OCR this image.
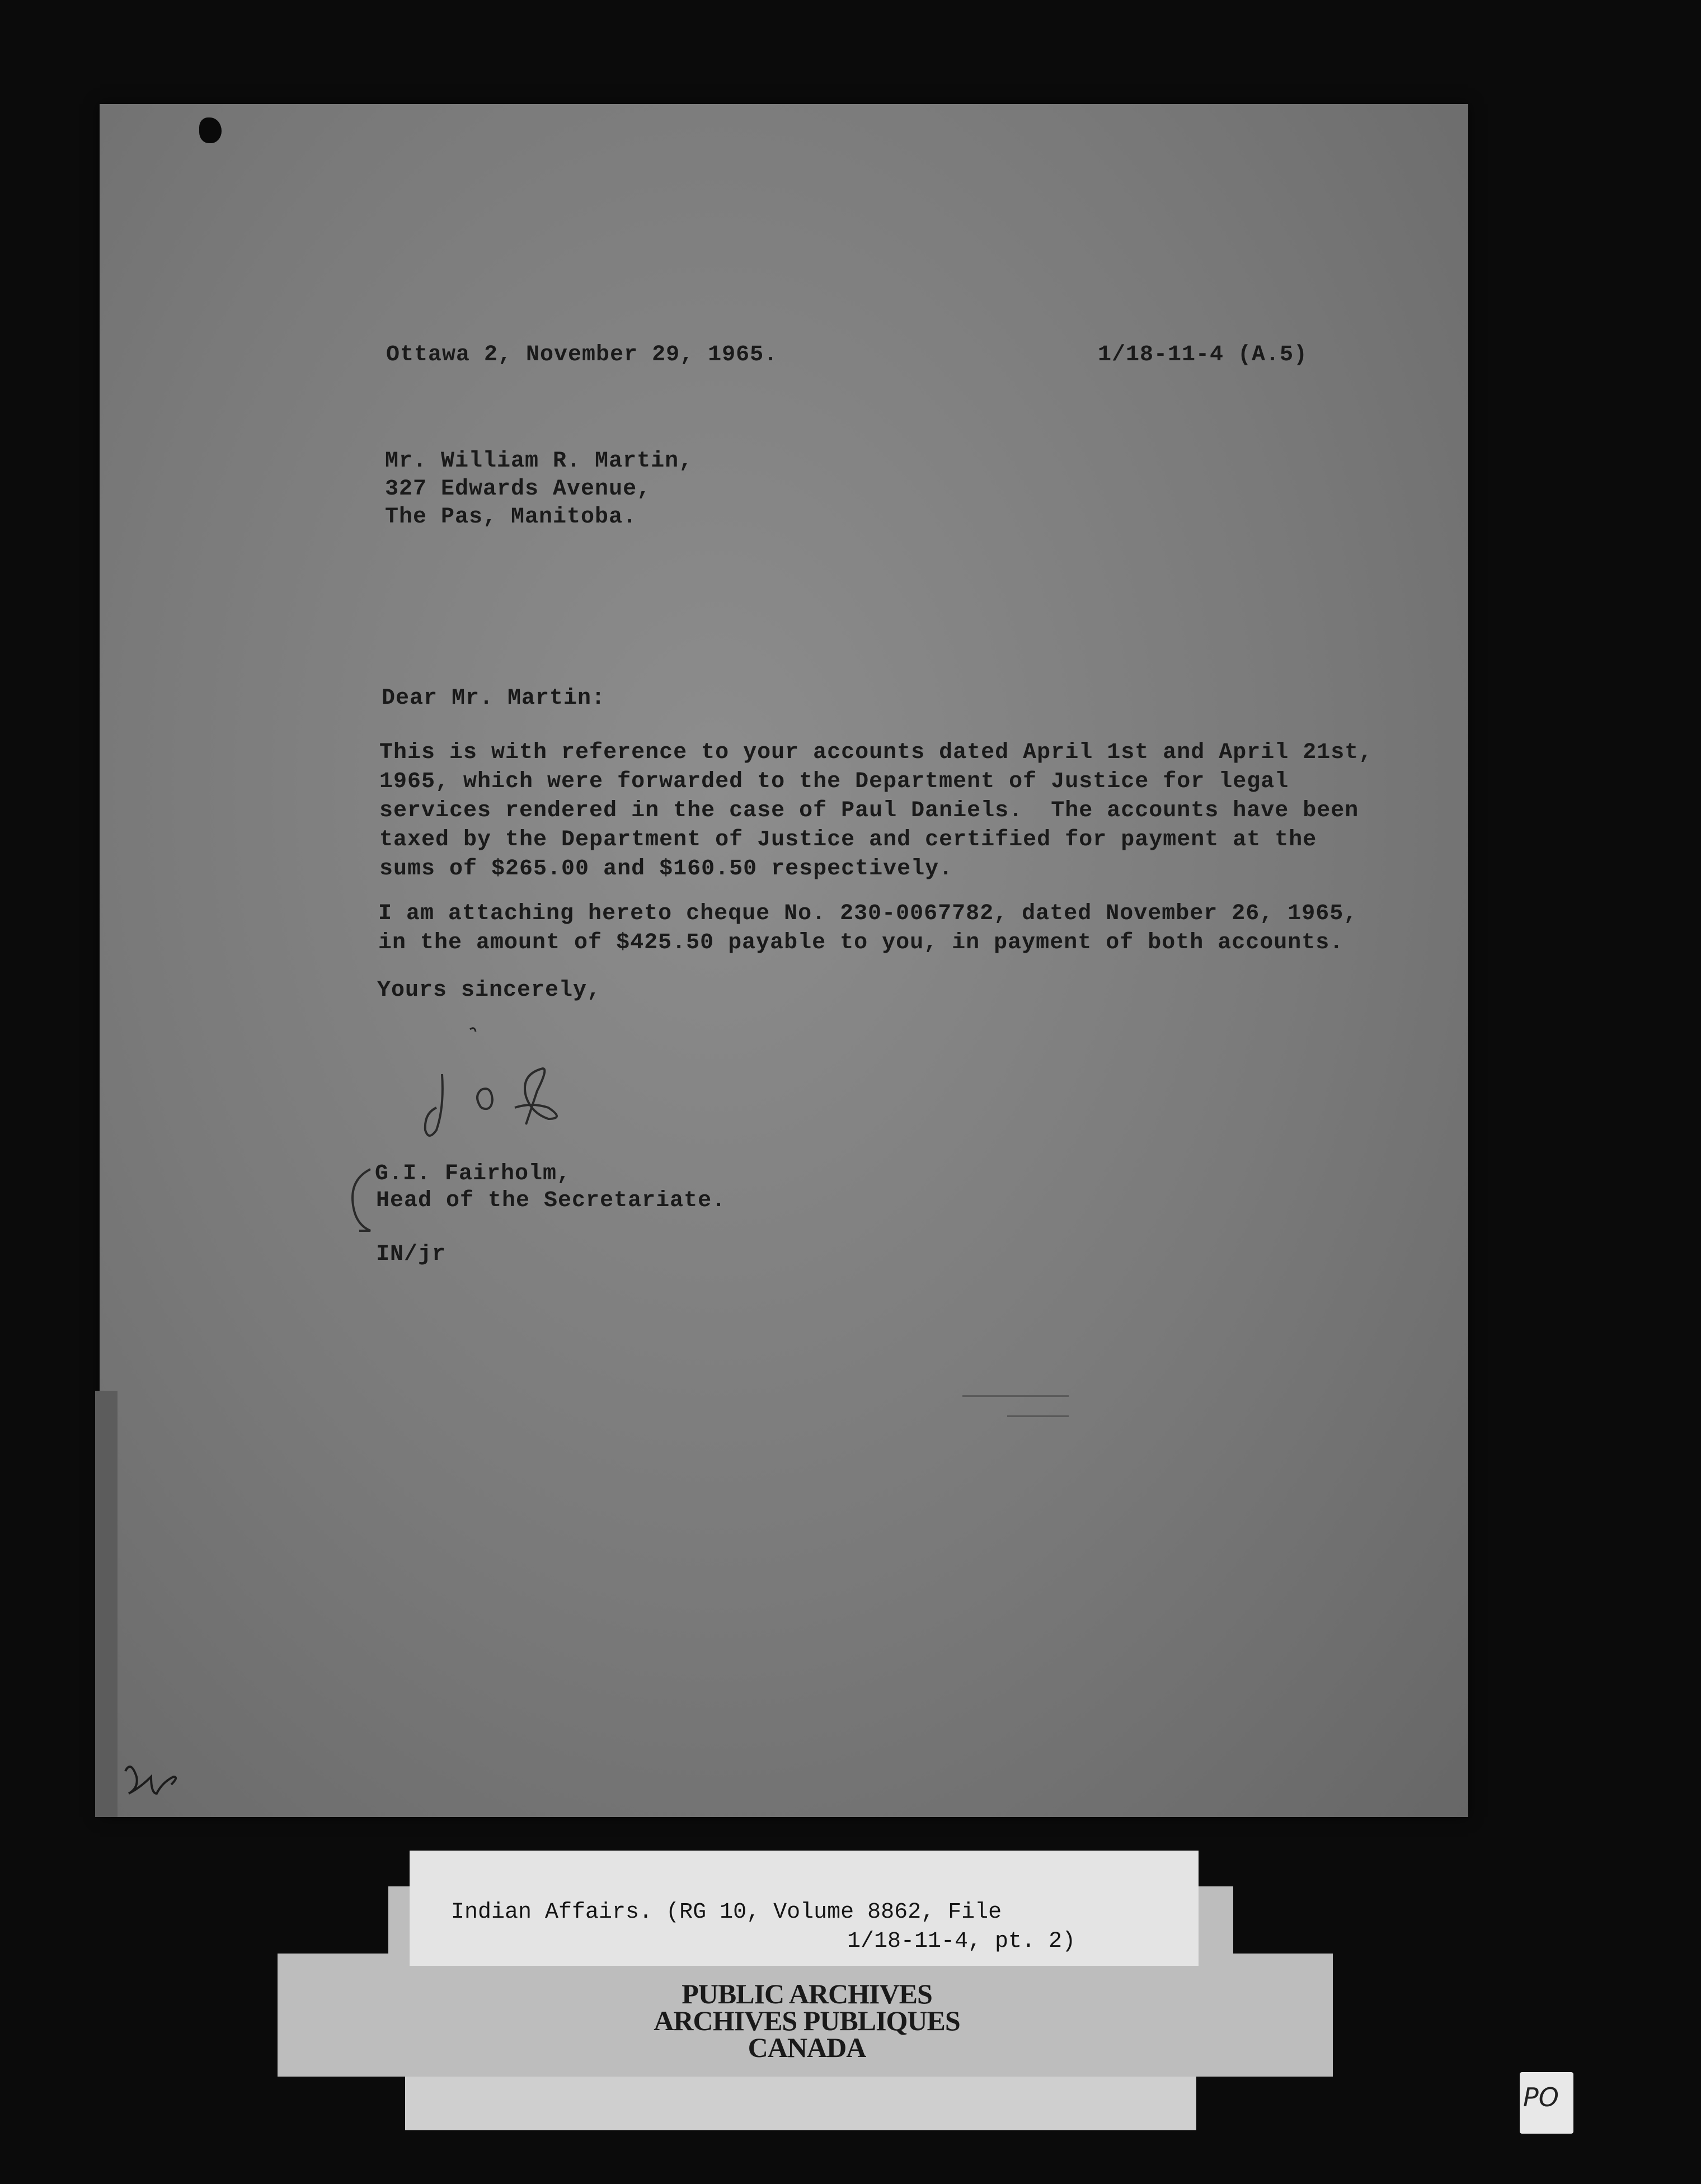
Ottawa 2, November 29, 1965.	1/18-11-4 (A.5)
Mr. William R. Martin,
327 Edwards Avenue,
The Pas, Manitoba.
Dear Mr. Martin:
This is with reference to your accounts dated April 1st and April 21st,
1965, which were forwarded to the Department of Justice for legal
services rendered in the case of Paul Daniels.  The accounts have been
taxed by the Department of Justice and certified for payment at the
sums of $265.00 and $160.50 respectively.
I am attaching hereto cheque No. 230-0067782, dated November 26, 1965,
in the amount of $425.50 payable to you, in payment of both accounts.
Yours sincerely,
G.I. Fairholm,
Head of the Secretariate.
IN/jr
Indian Affairs. (RG 10, Volume 8862, File
1/18-11-4, pt. 2)
PUBLIC ARCHIVES
ARCHIVES PUBLIQUES
CANADA
PO
